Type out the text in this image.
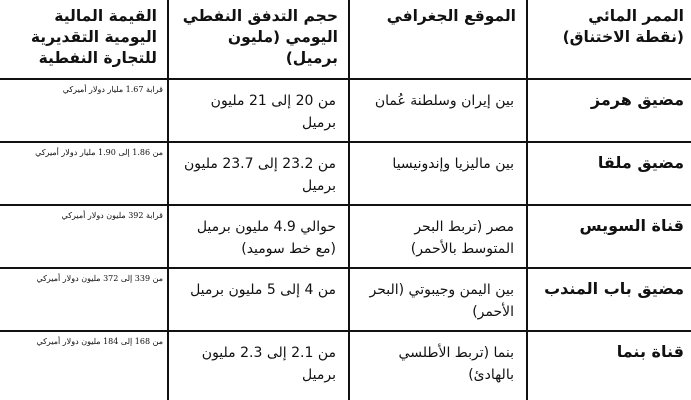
الممر المائي (نقطة الاختناق)	الموقع الجغرافي	حجم التدفق النفطي اليومي (مليون برميل)	القيمة المالية اليومية التقديرية للتجارة النفطية
مضيق هرمز	بين إيران وسلطنة عُمان	من 20 إلى 21 مليون برميل	قرابة 1.67 مليار دولار أميركي
مضيق ملقا	بين ماليزيا وإندونيسيا	من 23.2 إلى 23.7 مليون برميل	من 1.86 إلى 1.90 مليار دولار أميركي
قناة السويس	مصر (تربط البحر المتوسط بالأحمر)	حوالي 4.9 مليون برميل (مع خط سوميد)	قرابة 392 مليون دولار أميركي
مضيق باب المندب	بين اليمن وجيبوتي (البحر الأحمر)	من 4 إلى 5 مليون برميل	من 339 إلى 372 مليون دولار أميركي
قناة بنما	بنما (تربط الأطلسي بالهادئ)	من 2.1 إلى 2.3 مليون برميل	من 168 إلى 184 مليون دولار أميركي
